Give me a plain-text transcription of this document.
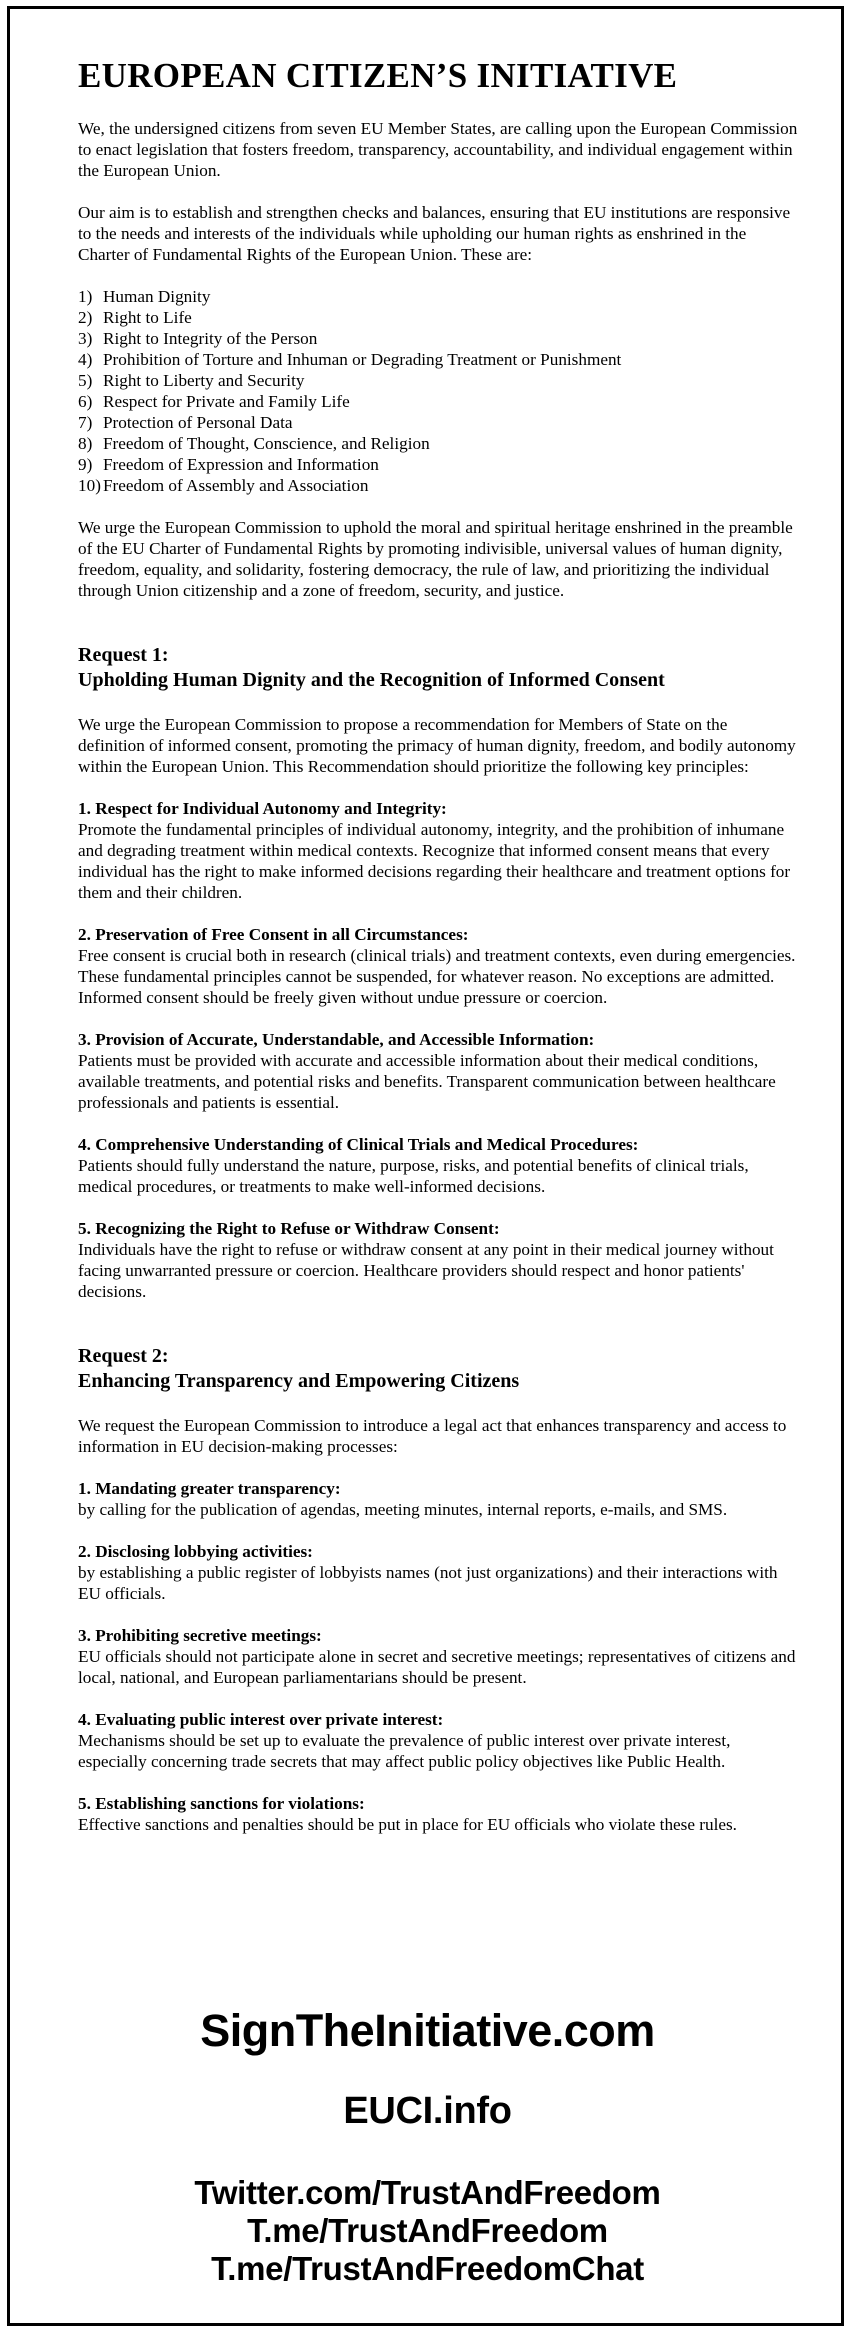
EUROPEAN CITIZEN’S INITIATIVE

We, the undersigned citizens from seven EU Member States, are calling upon the European Commission to enact legislation that fosters freedom, transparency, accountability, and individual engagement within the European Union.

Our aim is to establish and strengthen checks and balances, ensuring that EU institutions are responsive to the needs and interests of the individuals while upholding our human rights as enshrined in the Charter of Fundamental Rights of the European Union. These are:

1) Human Dignity
2) Right to Life
3) Right to Integrity of the Person
4) Prohibition of Torture and Inhuman or Degrading Treatment or Punishment
5) Right to Liberty and Security
6) Respect for Private and Family Life
7) Protection of Personal Data
8) Freedom of Thought, Conscience, and Religion
9) Freedom of Expression and Information
10) Freedom of Assembly and Association

We urge the European Commission to uphold the moral and spiritual heritage enshrined in the preamble of the EU Charter of Fundamental Rights by promoting indivisible, universal values of human dignity, freedom, equality, and solidarity, fostering democracy, the rule of law, and prioritizing the individual through Union citizenship and a zone of freedom, security, and justice.

Request 1:
Upholding Human Dignity and the Recognition of Informed Consent

We urge the European Commission to propose a recommendation for Members of State on the definition of informed consent, promoting the primacy of human dignity, freedom, and bodily autonomy within the European Union. This Recommendation should prioritize the following key principles:

1. Respect for Individual Autonomy and Integrity:
Promote the fundamental principles of individual autonomy, integrity, and the prohibition of inhumane and degrading treatment within medical contexts. Recognize that informed consent means that every individual has the right to make informed decisions regarding their healthcare and treatment options for them and their children.
2. Preservation of Free Consent in all Circumstances:
Free consent is crucial both in research (clinical trials) and treatment contexts, even during emergencies. These fundamental principles cannot be suspended, for whatever reason. No exceptions are admitted. Informed consent should be freely given without undue pressure or coercion.
3. Provision of Accurate, Understandable, and Accessible Information:
Patients must be provided with accurate and accessible information about their medical conditions, available treatments, and potential risks and benefits. Transparent communication between healthcare professionals and patients is essential.
4. Comprehensive Understanding of Clinical Trials and Medical Procedures:
Patients should fully understand the nature, purpose, risks, and potential benefits of clinical trials, medical procedures, or treatments to make well-informed decisions.
5. Recognizing the Right to Refuse or Withdraw Consent:
Individuals have the right to refuse or withdraw consent at any point in their medical journey without facing unwarranted pressure or coercion. Healthcare providers should respect and honor patients' decisions.
Request 2:
Enhancing Transparency and Empowering Citizens

We request the European Commission to introduce a legal act that enhances transparency and access to information in EU decision-making processes:

1. Mandating greater transparency:
by calling for the publication of agendas, meeting minutes, internal reports, e-mails, and SMS.
2. Disclosing lobbying activities:
by establishing a public register of lobbyists names (not just organizations) and their interactions with EU officials.
3. Prohibiting secretive meetings:
EU officials should not participate alone in secret and secretive meetings; representatives of citizens and local, national, and European parliamentarians should be present.
4. Evaluating public interest over private interest:
Mechanisms should be set up to evaluate the prevalence of public interest over private interest, especially concerning trade secrets that may affect public policy objectives like Public Health.
5. Establishing sanctions for violations:
Effective sanctions and penalties should be put in place for EU officials who violate these rules.
SignTheInitiative.com
EUCI.info
Twitter.com/TrustAndFreedom
T.me/TrustAndFreedom
T.me/TrustAndFreedomChat
